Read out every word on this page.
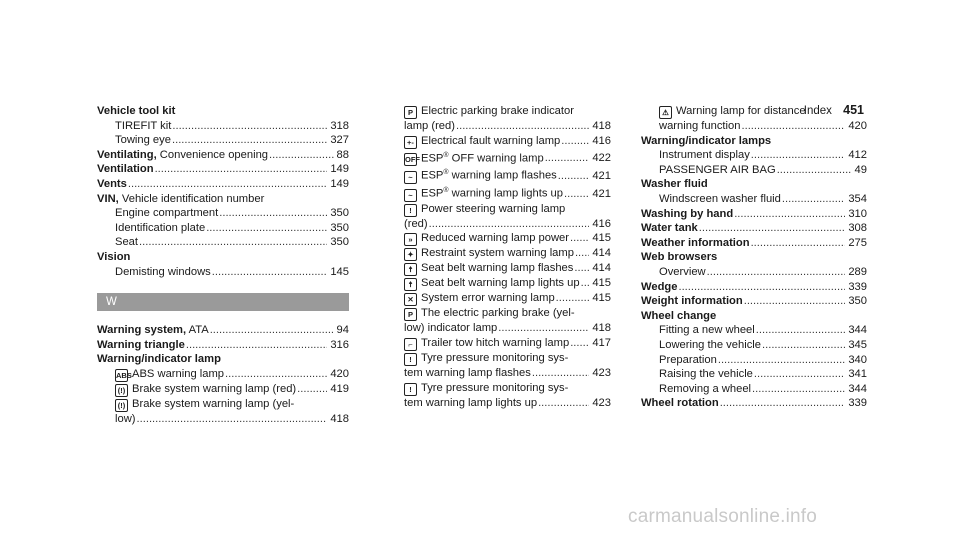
Index 451
Vehicle tool kit
TIREFIT kit .....	318
Towing eye .....	327
Ventilating, Convenience opening .....	88
Ventilation .....	149
Vents .....	149
VIN, Vehicle identification number
Engine compartment .....	350
Identification plate .....	350
Seat .....	350
Vision
Demisting windows .....	145
W
Warning system, ATA .....	94
Warning triangle .....	316
Warning/indicator lamp
ABSABS warning lamp .....	420
(!) Brake system warning lamp (red) .....	419
(!) Brake system warning lamp (yel-
low) .....	418
P Electric parking brake indicator
lamp (red) .....	418
+- Electrical fault warning lamp .....	416
OFFESP® OFF warning lamp .....	422
~ ESP® warning lamp flashes .....	421
~ ESP® warning lamp lights up .....	421
! Power steering warning lamp
(red) .....	416
» Reduced warning lamp power ..... 415
✦ Restraint system warning lamp ..... 414
☨ Seat belt warning lamp flashes ..... 414
☨ Seat belt warning lamp lights up ..... 415
✕ System error warning lamp .....	415
P The electric parking brake (yel-
low) indicator lamp .....	418
⌐ Trailer tow hitch warning lamp ..... 417
! Tyre pressure monitoring sys-
tem warning lamp flashes .....	423
! Tyre pressure monitoring sys-
tem warning lamp lights up .....	423
⚠ Warning lamp for distance
warning function .....	420
Warning/indicator lamps
Instrument display .....	412
PASSENGER AIR BAG .....	49
Washer fluid
Windscreen washer fluid .....	354
Washing by hand .....	310
Water tank .....	308
Weather information .....	275
Web browsers
Overview .....	289
Wedge .....	339
Weight information .....	350
Wheel change
Fitting a new wheel .....	344
Lowering the vehicle .....	345
Preparation .....	340
Raising the vehicle .....	341
Removing a wheel .....	344
Wheel rotation .....	339
carmanualsonline.info
